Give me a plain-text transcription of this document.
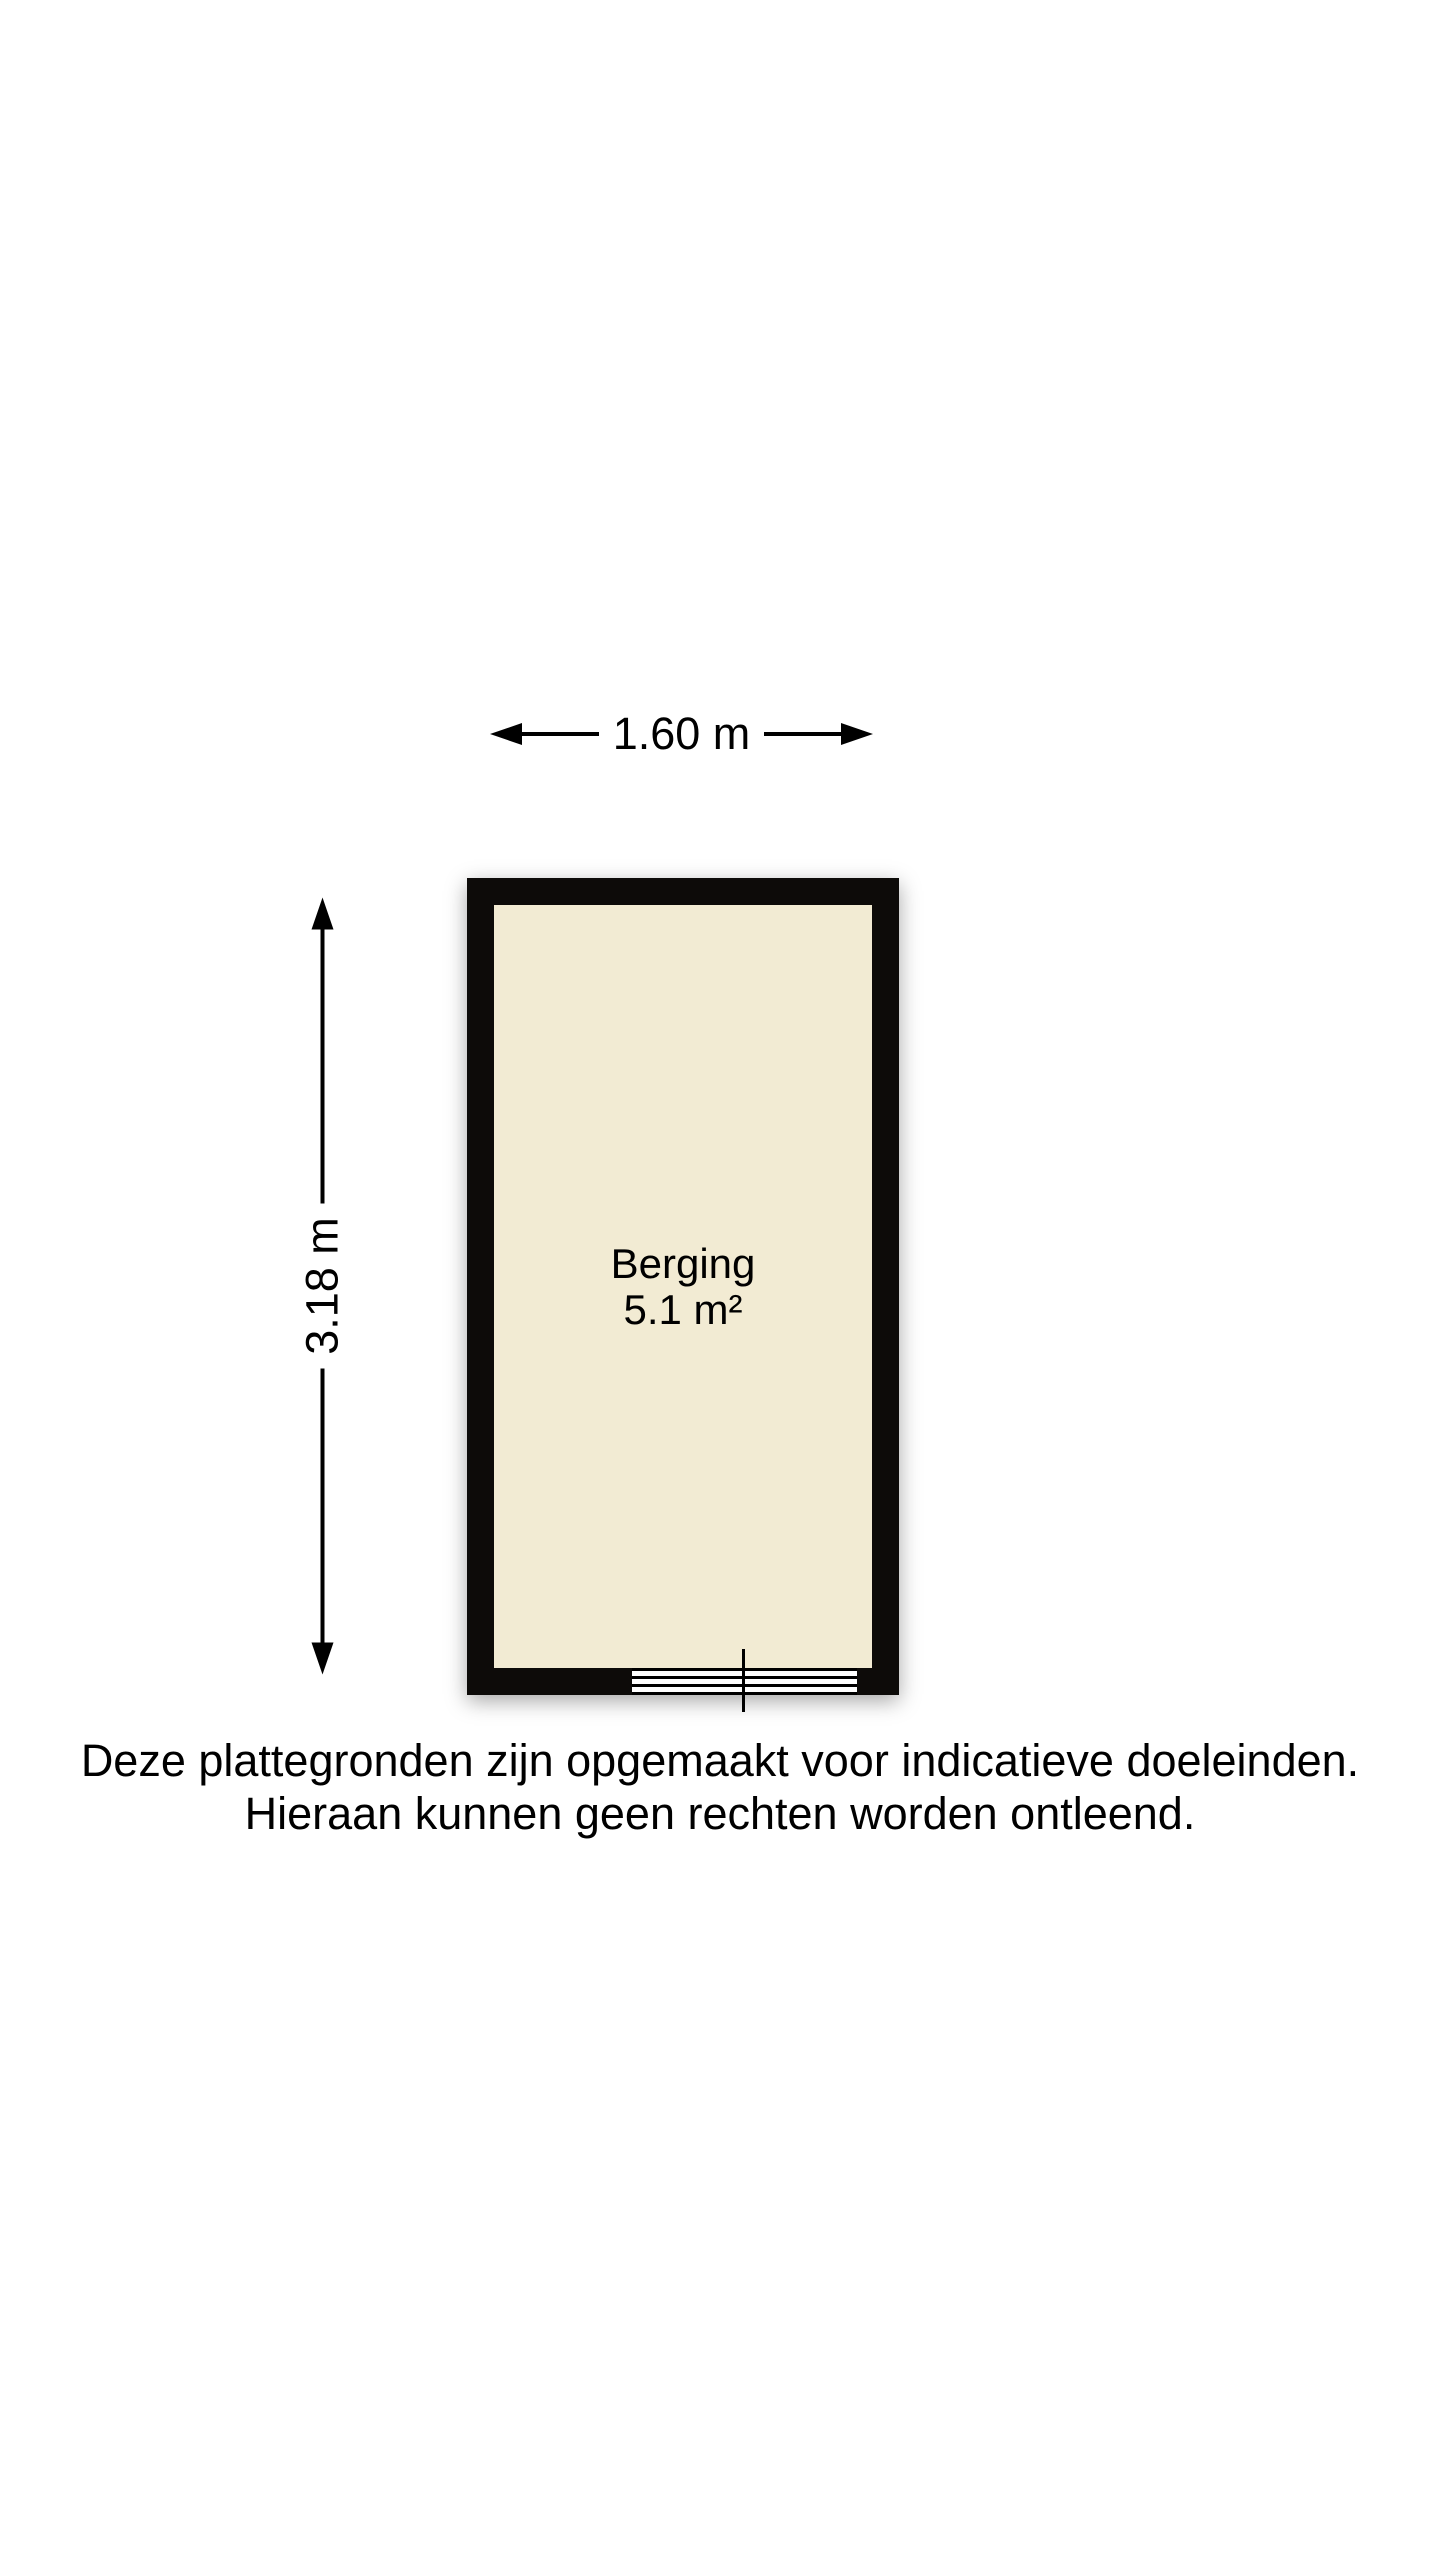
1.60 m
3.18 m	Berging
5.1 m²
Deze plattegronden zijn opgemaakt voor indicatieve doeleinden.
Hieraan kunnen geen rechten worden ontleend.
